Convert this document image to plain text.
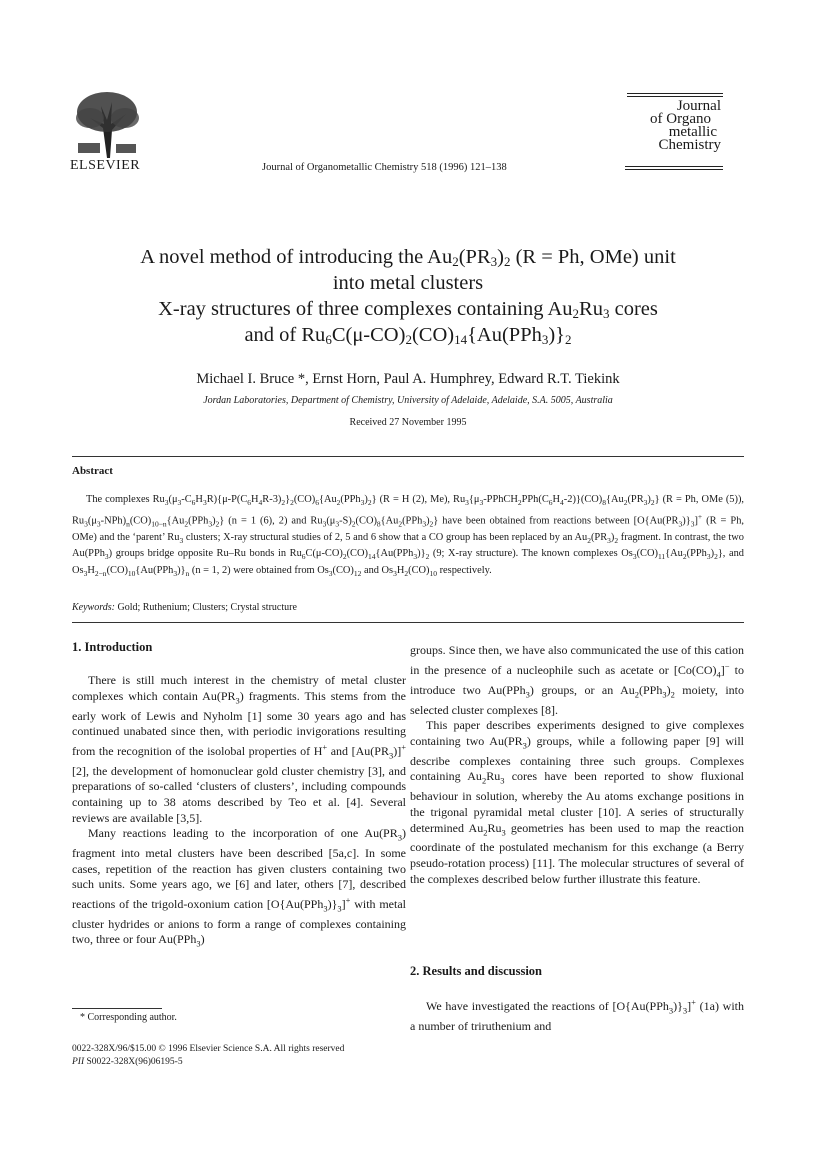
ELSEVIER	Journal of Organometallic Chemistry 518 (1996) 121–138
Journal
of Organo
metallic
Chemistry
A novel method of introducing the $Au_2(PR_3)_2$ (R = Ph, OMe) unit
into metal clusters
X-ray structures of three complexes containing $Au_2Ru_3$ cores
and of $Ru_6C(\mu-CO)_2(CO)_{14}\{Au(PPh_3)\}_2$
Michael I. Bruce *, Ernst Horn, Paul A. Humphrey, Edward R.T. Tiekink
Jordan Laboratories, Department of Chemistry, University of Adelaide, Adelaide, S.A. 5005, Australia
Received 27 November 1995
Abstract
The complexes $Ru_3(\mu_3-C_6H_3R)\{\mu-P(C_6H_4R-3)_2\}_2(CO)_6\{Au_2(PPh_3)_2\} (R = H$ (2), Me), $Ru_3\{\mu_3-PPhCH_2PPh(C_6H_4-2)\}(CO)_8\{Au_2(PR_3)_2\} (R = Ph$, OMe (5)), $Ru_3(\mu_3-NPh)_n(CO)_{10-n}\{Au_2(PPh_3)_2\} (n = 1$ (6), 2) and $Ru_3(\mu_3-S)_2(CO)_8\{Au_2(PPh_3)_2\}$ have been obtained from reactions between $[O\{Au(PR_3)\}_3]^+$ (R = Ph, OMe) and the ‘parent’ $Ru_3$ clusters; X-ray structural studies of 2, 5 and 6 show that a CO group has been replaced by an $Au_2(PR_3)_2$ fragment. In contrast, the two Au(PPh$_3$) groups bridge opposite Ru–Ru bonds in $Ru_6C(\mu-CO)_2(CO)_{14}\{Au(PPh_3)\}_2$ (9; X-ray structure). The known complexes $Os_3(CO)_{11}\{Au_2(PPh_3)_2\}$, and $Os_3H_{2-n}(CO)_{10}\{Au(PPh_3)\}_n$ (n = 1, 2) were obtained from $Os_3(CO)_{12}$ and $Os_3H_2(CO)_{10}$ respectively.
Keywords: Gold; Ruthenium; Clusters; Crystal structure
1. Introduction

There is still much interest in the chemistry of metal cluster complexes which contain $Au(PR_3)$ fragments. This stems from the early work of Lewis and Nyholm [1] some 30 years ago and has continued unabated since then, with periodic invigorations resulting from the recognition of the isolobal properties of H+ and $[Au(PR_3)]^+$ [2], the development of homonuclear gold cluster chemistry [3], and preparations of so-called ‘clusters of clusters’, including compounds containing up to 38 atoms described by Teo et al. [4]. Several reviews are available [3,5].

Many reactions leading to the incorporation of one $Au(PR_3)$ fragment into metal clusters have been described [5a,c]. In some cases, repetition of the reaction has given clusters containing two such units. Some years ago, we [6] and later, others [7], described reactions of the trigold-oxonium cation $[O\{Au(PPh_3)\}_3]^+$ with metal cluster hydrides or anions to form a range of complexes containing two, three or four Au(PPh$_3$)

groups. Since then, we have also communicated the use of this cation in the presence of a nucleophile such as acetate or $[Co(CO)_4]^-$ to introduce two Au(PPh$_3$) groups, or an $Au_2(PPh_3)_2$ moiety, into selected cluster complexes [8].

This paper describes experiments designed to give complexes containing two $Au(PR_3)$ groups, while a following paper [9] will describe complexes containing three such groups. Complexes containing $Au_2Ru_3$ cores have been reported to show fluxional behaviour in solution, whereby the Au atoms exchange positions in the trigonal pyramidal metal cluster [10]. A series of structurally determined $Au_2Ru_3$ geometries has been used to map the reaction coordinate of the postulated mechanism for this exchange (a Berry pseudo-rotation process) [11]. The molecular structures of several of the complexes described below further illustrate this feature.

2. Results and discussion

We have investigated the reactions of $[O\{Au(PPh_3)\}_3]^+$ (1a) with a number of triruthenium and

* Corresponding author.
0022-328X/96/$15.00 © 1996 Elsevier Science S.A. All rights reserved
PII S0022-328X(96)06195-5
